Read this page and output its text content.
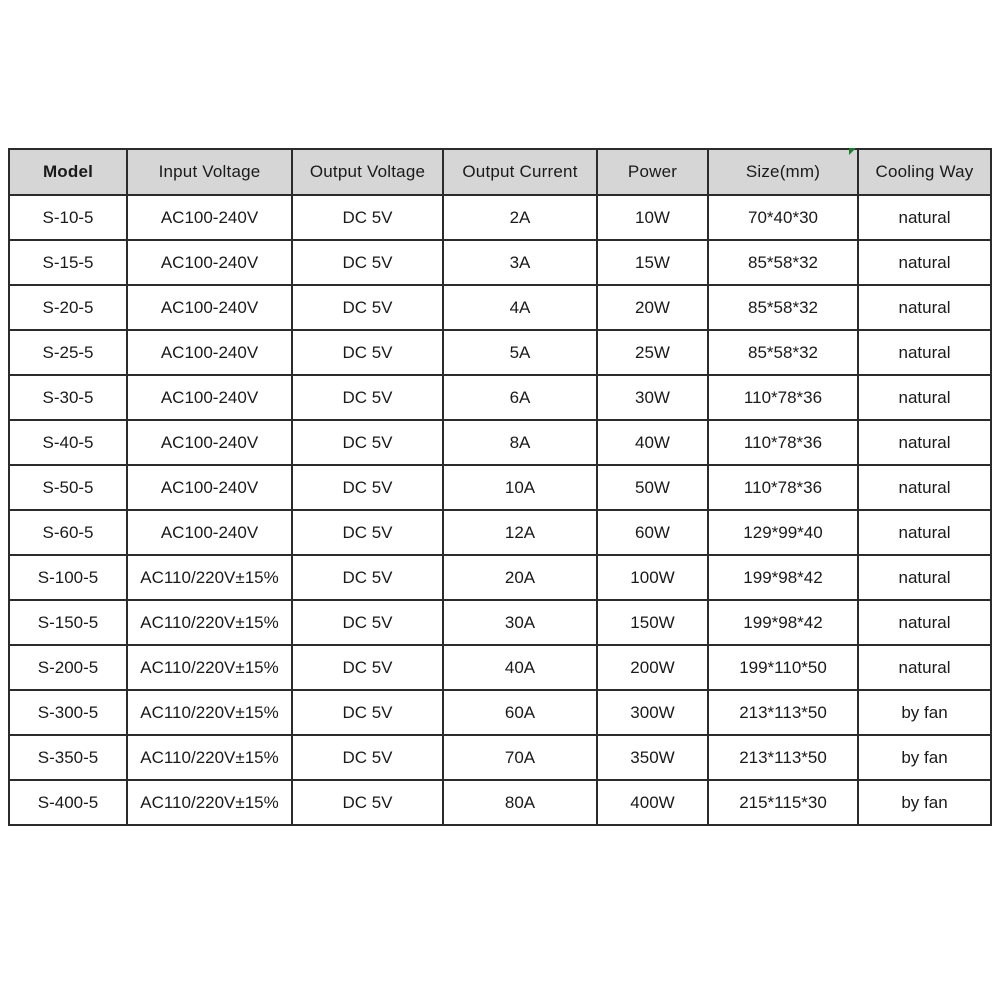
Model	Input Voltage	Output Voltage	Output Current	Power	Size(mm)	Cooling Way
S-10-5	AC100-240V	DC 5V	2A	10W	70*40*30	natural
S-15-5	AC100-240V	DC 5V	3A	15W	85*58*32	natural
S-20-5	AC100-240V	DC 5V	4A	20W	85*58*32	natural
S-25-5	AC100-240V	DC 5V	5A	25W	85*58*32	natural
S-30-5	AC100-240V	DC 5V	6A	30W	110*78*36	natural
S-40-5	AC100-240V	DC 5V	8A	40W	110*78*36	natural
S-50-5	AC100-240V	DC 5V	10A	50W	110*78*36	natural
S-60-5	AC100-240V	DC 5V	12A	60W	129*99*40	natural
S-100-5	AC110/220V±15%	DC 5V	20A	100W	199*98*42	natural
S-150-5	AC110/220V±15%	DC 5V	30A	150W	199*98*42	natural
S-200-5	AC110/220V±15%	DC 5V	40A	200W	199*110*50	natural
S-300-5	AC110/220V±15%	DC 5V	60A	300W	213*113*50	by fan
S-350-5	AC110/220V±15%	DC 5V	70A	350W	213*113*50	by fan
S-400-5	AC110/220V±15%	DC 5V	80A	400W	215*115*30	by fan
